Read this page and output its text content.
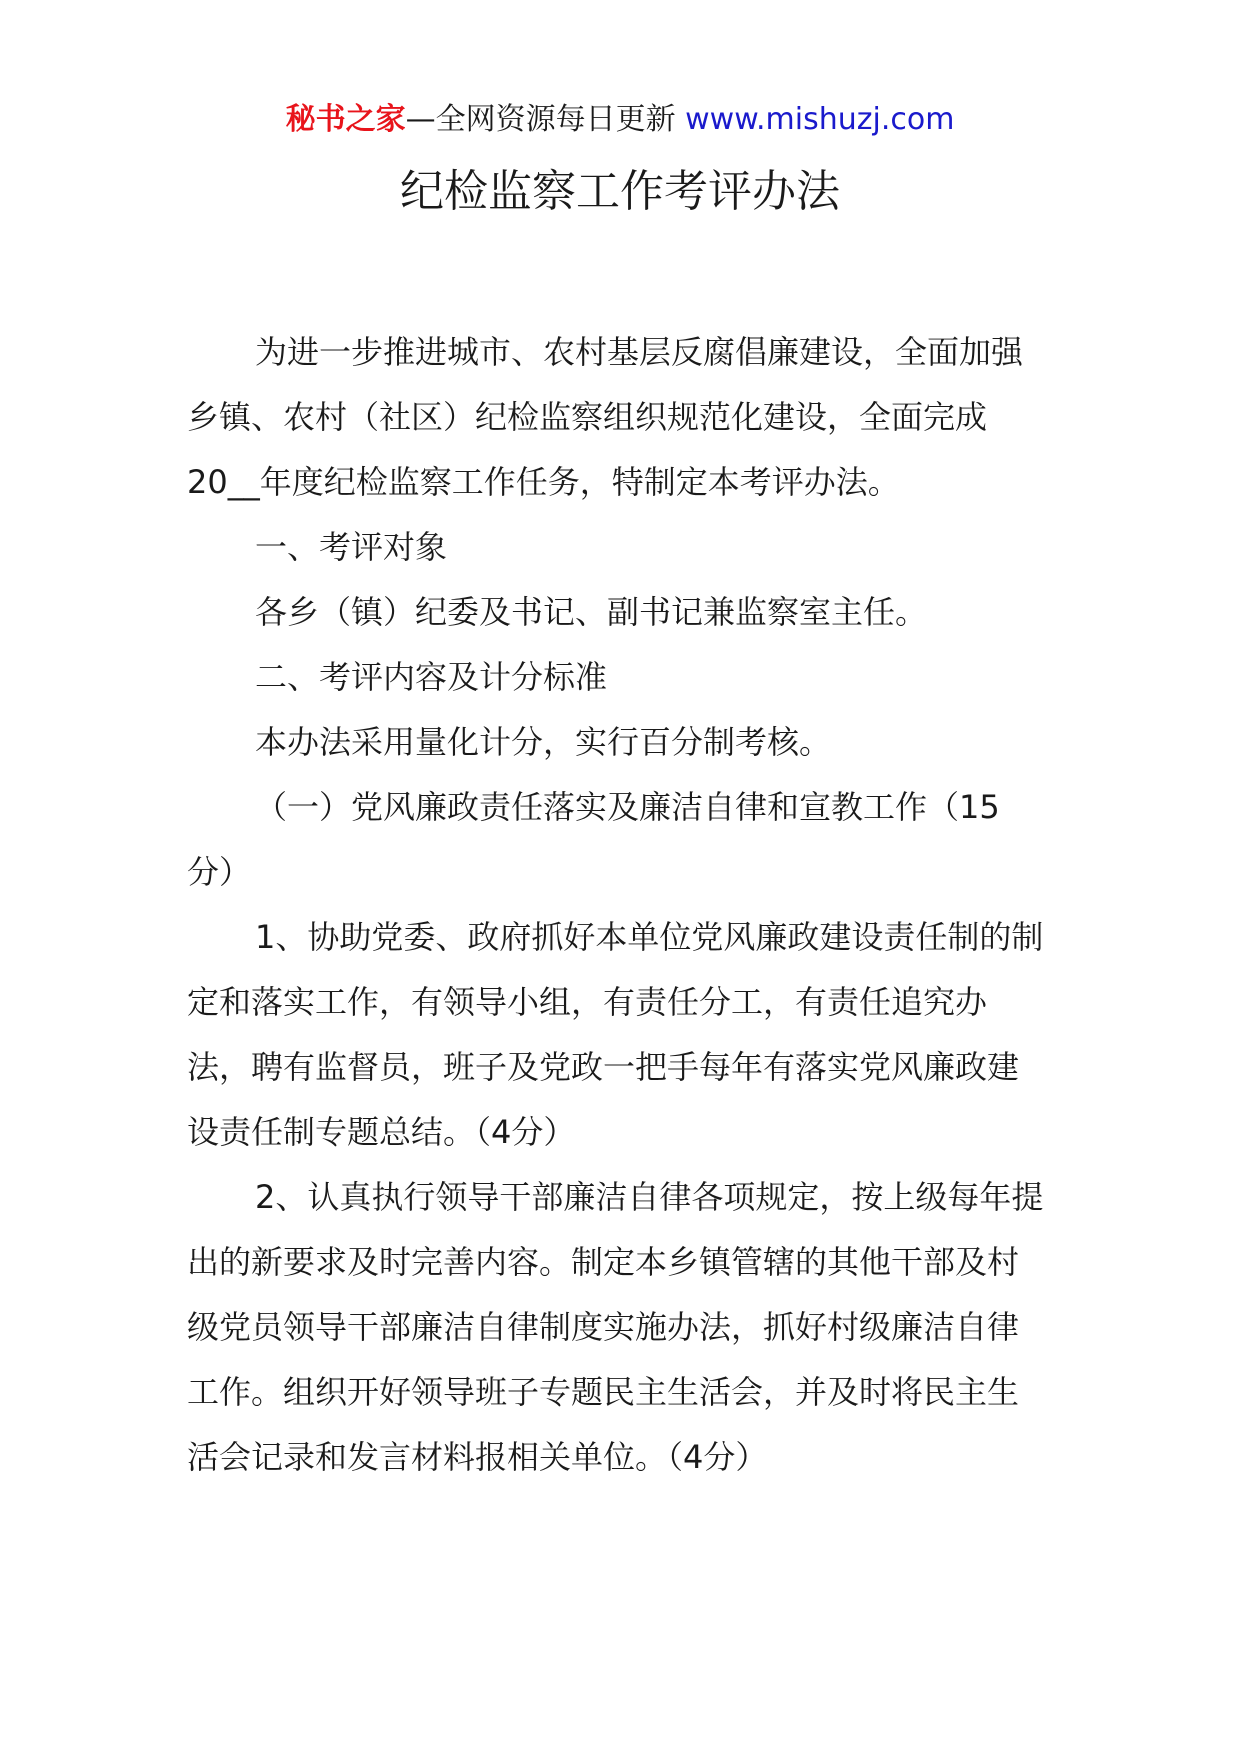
秘书之家—全网资源每日更新 www.mishuzj.com
纪检监察工作考评办法

为进一步推进城市、农村基层反腐倡廉建设，全面加强乡镇、农村（社区）纪检监察组织规范化建设，全面完成20__年度纪检监察工作任务，特制定本考评办法。

一、考评对象

各乡（镇）纪委及书记、副书记兼监察室主任。

二、考评内容及计分标准

本办法采用量化计分，实行百分制考核。

（一）党风廉政责任落实及廉洁自律和宣教工作（15分）

1、协助党委、政府抓好本单位党风廉政建设责任制的制定和落实工作，有领导小组，有责任分工，有责任追究办法，聘有监督员，班子及党政一把手每年有落实党风廉政建设责任制专题总结。（4分）

2、认真执行领导干部廉洁自律各项规定，按上级每年提出的新要求及时完善内容。制定本乡镇管辖的其他干部及村级党员领导干部廉洁自律制度实施办法，抓好村级廉洁自律工作。组织开好领导班子专题民主生活会，并及时将民主生活会记录和发言材料报相关单位。（4分）
